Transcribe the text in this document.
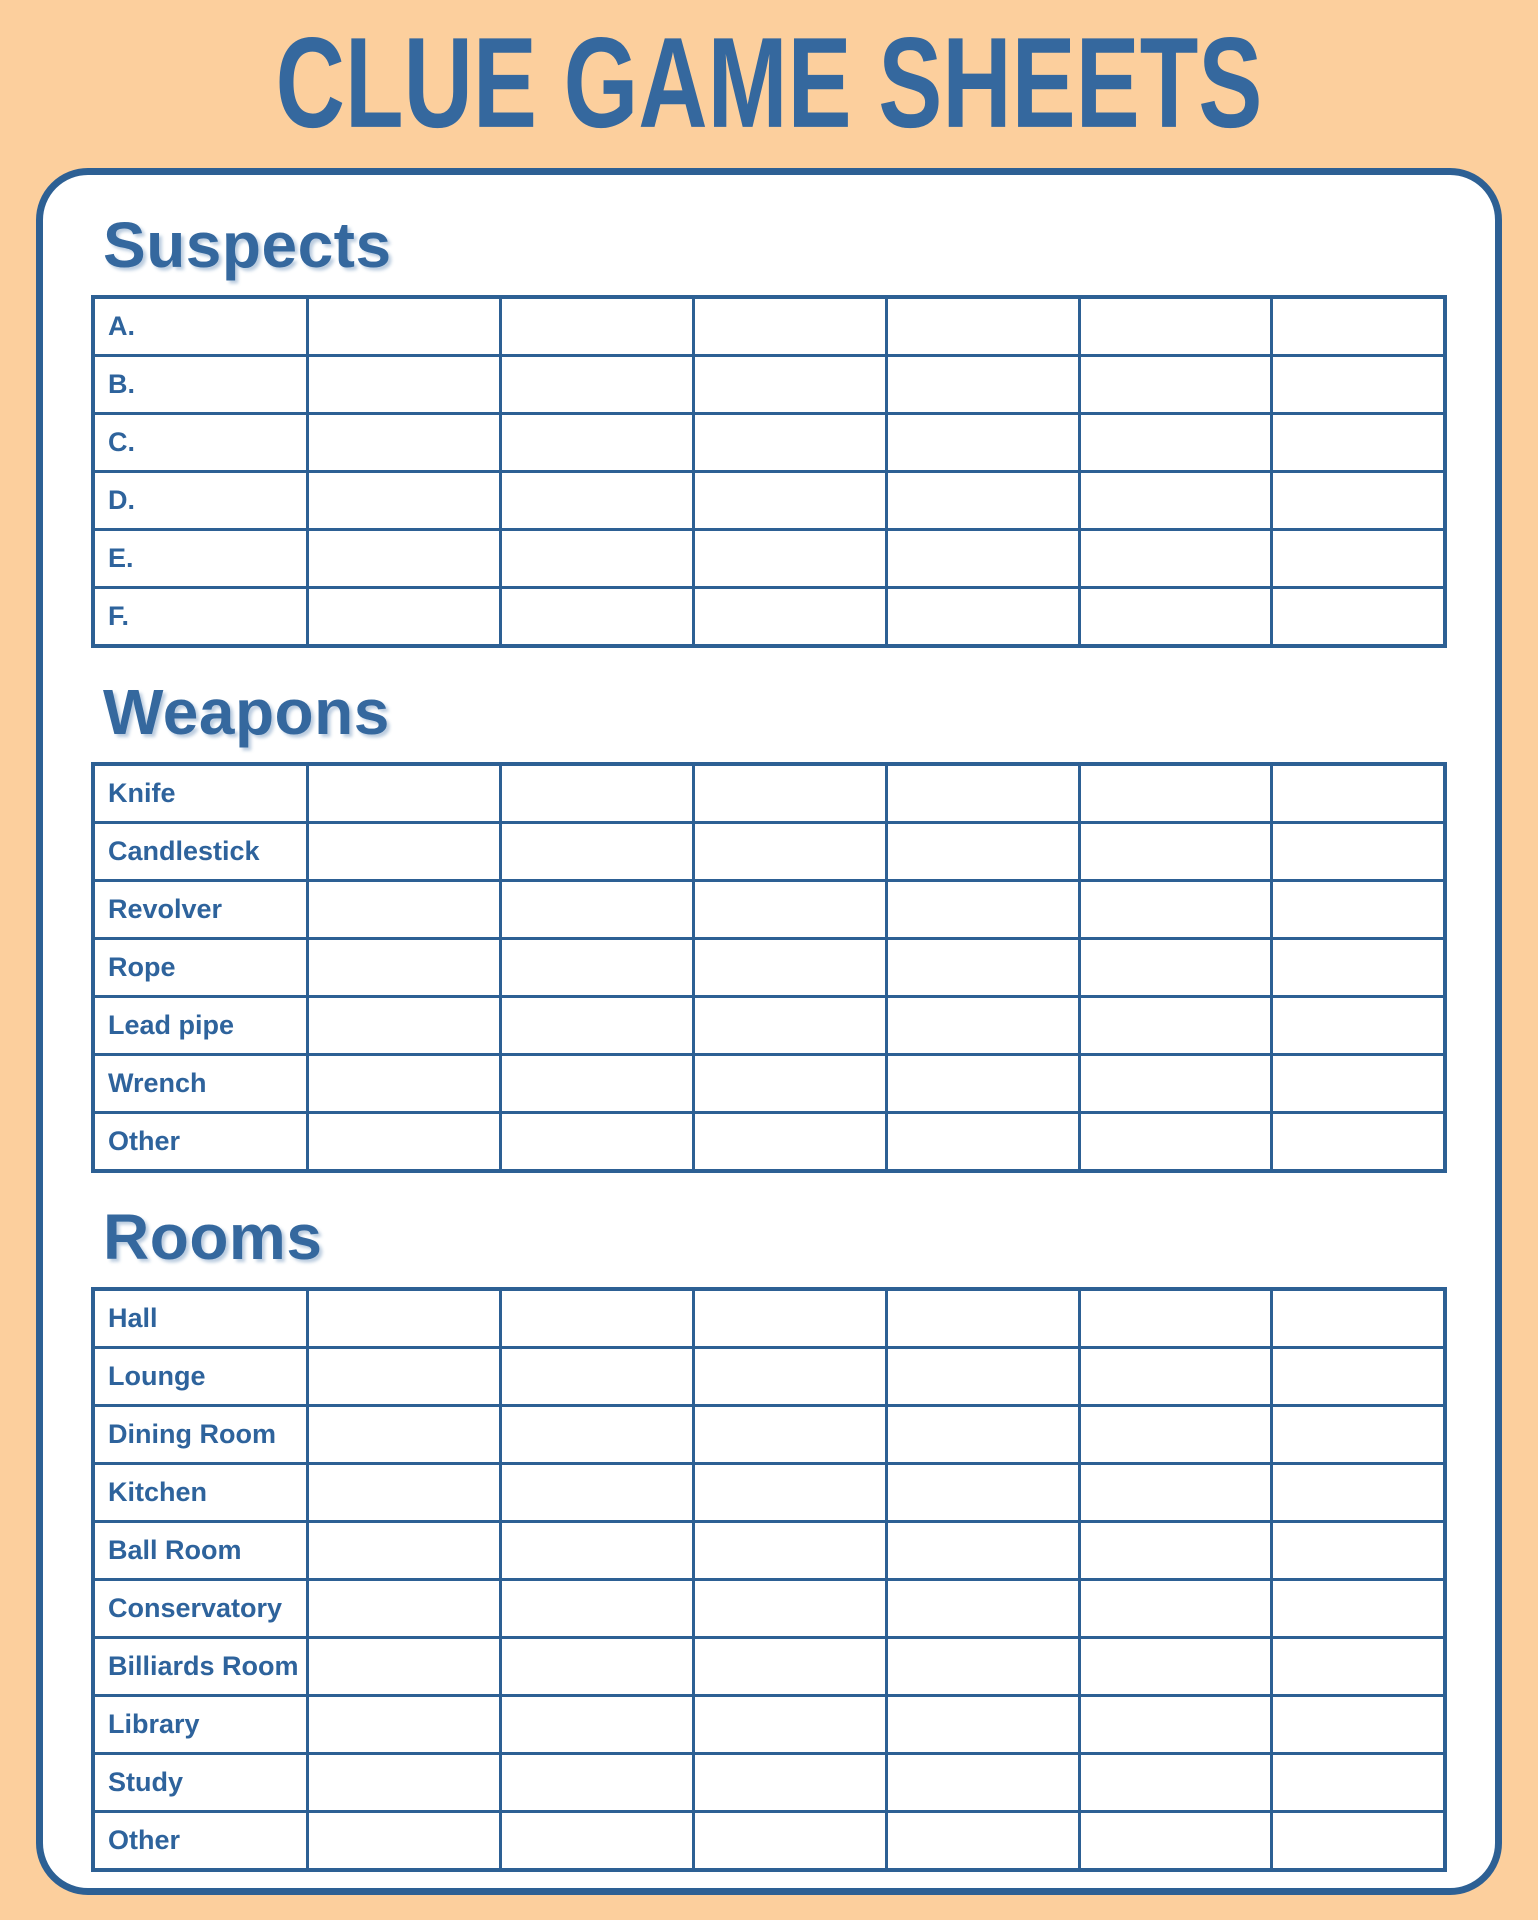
CLUE GAME SHEETS
Suspects
A.						
B.						
C.						
D.						
E.						
F.						
Weapons
Knife						
Candlestick						
Revolver						
Rope						
Lead pipe						
Wrench						
Other						
Rooms
Hall						
Lounge						
Dining Room						
Kitchen						
Ball Room						
Conservatory						
Billiards Room						
Library						
Study						
Other						
